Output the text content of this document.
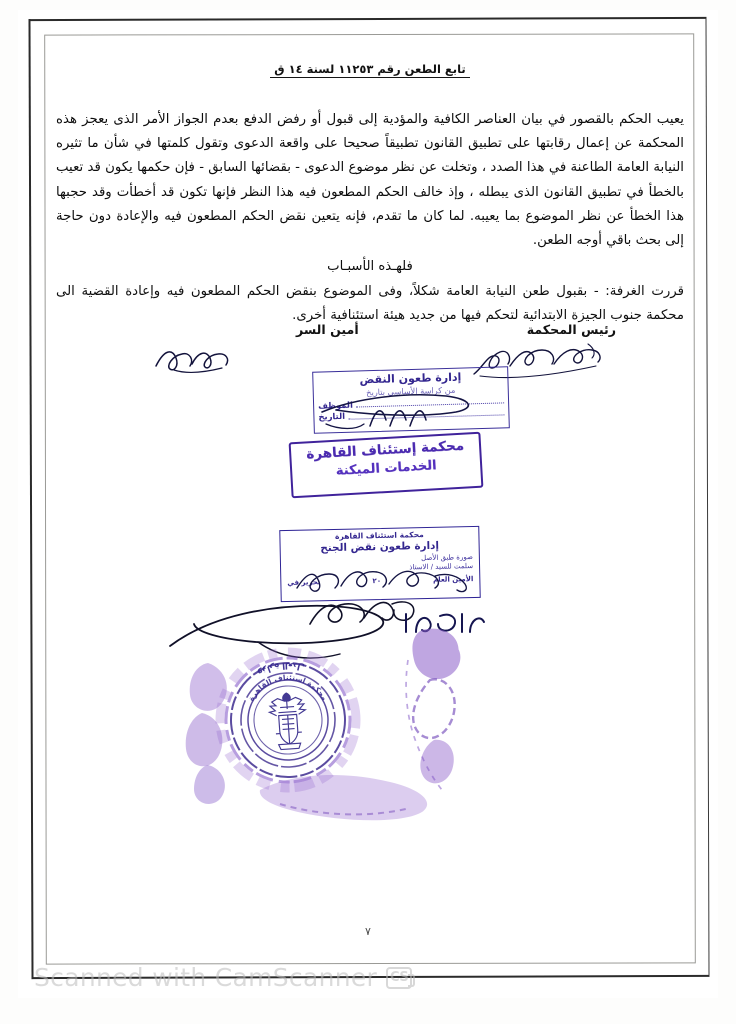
تابع الطعن رقم ١١٢٥٣ لسنة ١٤ ق

يعيب الحكم بالقصور في بيان العناصر الكافية والمؤدية إلى قبول أو رفض الدفع بعدم الجواز الأمر الذى يعجز هذه المحكمة عن إعمال رقابتها على تطبيق القانون تطبيقاً صحيحا على واقعة الدعوى وتقول كلمتها في شأن ما تثيره النيابة العامة الطاعنة في هذا الصدد ، وتخلت عن نظر موضوع الدعوى - بقضائها السابق - فإن حكمها يكون قد تعيب بالخطأ في تطبيق القانون الذى يبطله ، وإذ خالف الحكم المطعون فيه هذا النظر فإنها تكون قد أخطأت وقد حجبها هذا الخطأ عن نظر الموضوع بما يعيبه. لما كان ما تقدم، فإنه يتعين نقض الحكم المطعون فيه والإعادة دون حاجة إلى بحث باقي أوجه الطعن.

فلهـذه الأسبـاب

قررت الغرفة: - بقبول طعن النيابة العامة شكلاً، وفى الموضوع بنقض الحكم المطعون فيه وإعادة القضية الى محكمة جنوب الجيزة الابتدائية لتحكم فيها من جديد هيئة استئنافية أخرى.

أمين السر	رئيس المحكمة
إدارة طعون النقض
من كراسة الأساسي بتاريخ
الموظف
التاريخ
محكمة إستئناف القاهرة
الخدمات الميكنة
محكمة استئناف القاهرة
إدارة طعون نقض الجنح
صورة طبق الأصل
سلمت للسيد / الاستاذ
تحرير في	٢٠	الأمين العام
وزارة العدل
محكمة استئناف القاهرة
٧
CS
Scanned with CamScanner
